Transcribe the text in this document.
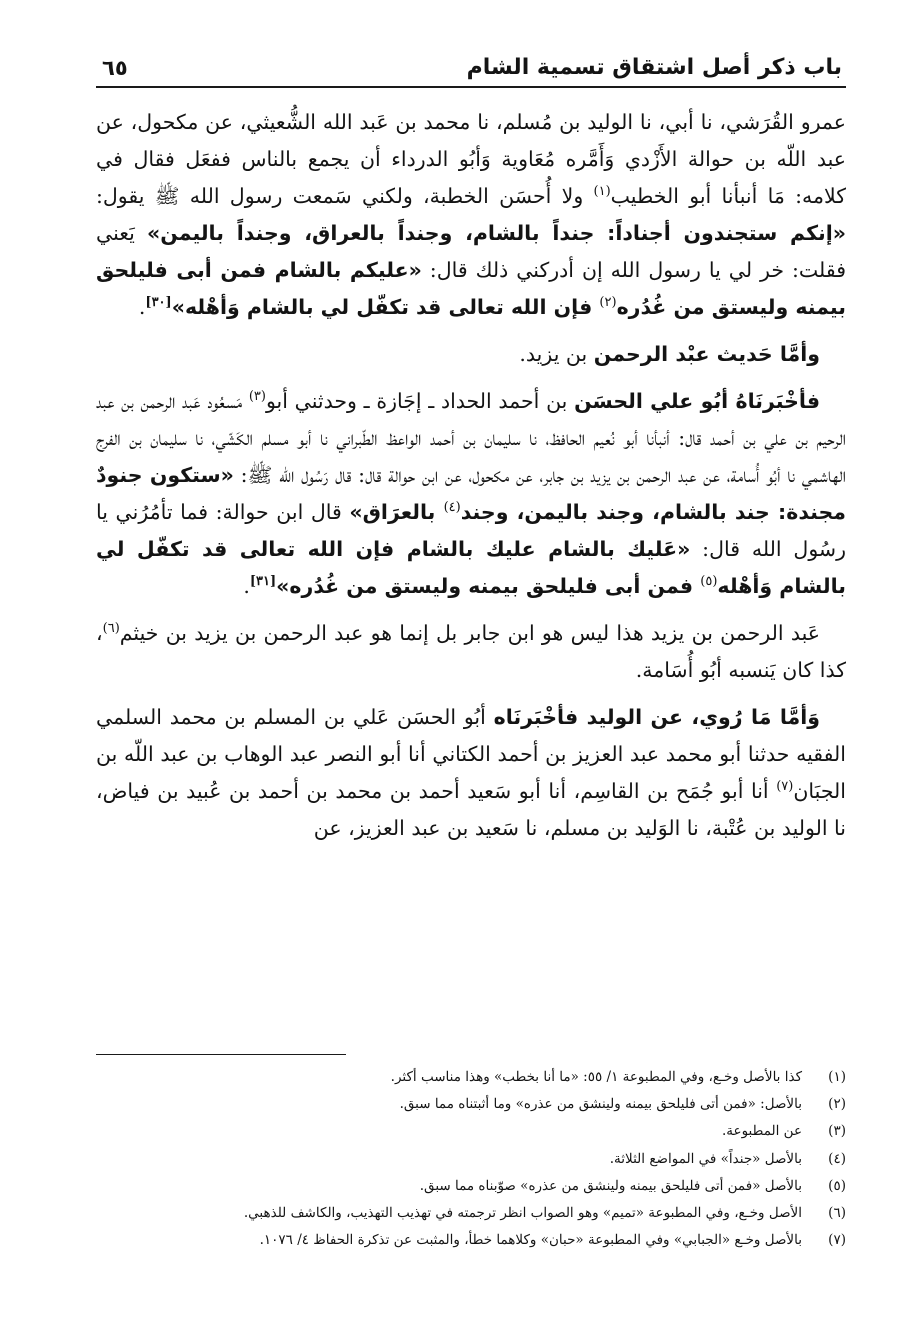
٦٥	باب ذكر أصل اشتقاق تسمية الشام

عمرو القُرَشي، نا أبي، نا الوليد بن مُسلم، نا محمد بن عَبد الله الشُّعيثي، عن مكحول، عن عبد اللّه بن حوالة الأَزْدي وَأَمَّره مُعَاوية وَأبُو الدرداء أن يجمع بالناس ففعَل فقال في كلامه: مَا أنبأنا أبو الخطيب$^{(١)}$ ولا أُحسَن الخطبة، ولكني سَمعت رسول الله ﷺ يقول: «إنكم ستجندون أجناداً: جنداً بالشام، وجنداً بالعراق، وجنداً باليمن» يَعني فقلت: خر لي يا رسول الله إن أدركني ذلك قال: «عليكم بالشام فمن أبى فليلحق بيمنه وليستق من غُدُره$^{(٢)}$ فإن الله تعالى قد تكفّل لي بالشام وَأهْله»[٣٠].

وأمَّا حَديث عبْد الرحمن بن يزيد.

فأخْبَرنَاهُ أبُو علي الحسَن بن أحمد الحداد ـ إجَازة ـ وحدثني أبو$^{(٣)}$ مَسعُود عَبد الرحمن بن عبد الرحيم بن علي بن أحمد قال: أنبأنا أبو نُعيم الحافظ، نا سليمان بن أحمد الواعظ الطّبراني نا أبو مسلم الكَشّي، نا سليمان بن الفرج الهاشمي نا أبُو أُسامة، عن عبد الرحمن بن يزيد بن جابر، عن مكحول، عن ابن حوالة قال: قال رَسُول الله ﷺ: «ستكون جنودٌ مجندة: جند بالشام، وجند باليمن، وجند$^{(٤)}$ بالعرَاق» قال ابن حوالة: فما تأمُرُني يا رسُول الله قال: «عَليك بالشام عليك بالشام فإن الله تعالى قد تكفّل لي بالشام وَأهْله$^{(٥)}$ فمن أبى فليلحق بيمنه وليستق من غُدُره»[٣١].

عَبد الرحمن بن يزيد هذا ليس هو ابن جابر بل إنما هو عبد الرحمن بن يزيد بن خيثم$^{(٦)}$، كذا كان يَنسبه أبُو أُسَامة.

وَأمَّا مَا رُوي، عن الوليد فأخْبَرنَاه أبُو الحسَن عَلي بن المسلم بن محمد السلمي الفقيه حدثنا أبو محمد عبد العزيز بن أحمد الكتاني أنا أبو النصر عبد الوهاب بن عبد اللّه بن الجبَان$^{(٧)}$ أنا أبو جُمَح بن القاسِم، أنا أبو سَعيد أحمد بن محمد بن أحمد بن عُبيد بن فياض، نا الوليد بن عُتْبة، نا الوَليد بن مسلم، نا سَعيد بن عبد العزيز، عن

(١)
كذا بالأصل وخـع، وفي المطبوعة ١/ ٥٥: «ما أنا بخطب» وهذا مناسب أكثر.
(٢)
بالأصل: «فمن أتى فليلحق بيمنه ولينشق من عذره» وما أثبتناه مما سبق.
(٣)
عن المطبوعة.
(٤)
بالأصل «جنداً» في المواضع الثلاثة.
(٥)
بالأصل «فمن أتى فليلحق بيمنه ولينشق من عذره» صوّبناه مما سبق.
(٦)
الأصل وخـع، وفي المطبوعة «تميم» وهو الصواب انظر ترجمته في تهذيب التهذيب، والكاشف للذهبي.
(٧)
بالأصل وخـع «الجبابي» وفي المطبوعة «حبان» وكلاهما خطأ، والمثبت عن تذكرة الحفاظ ٤/ ١٠٧٦.
